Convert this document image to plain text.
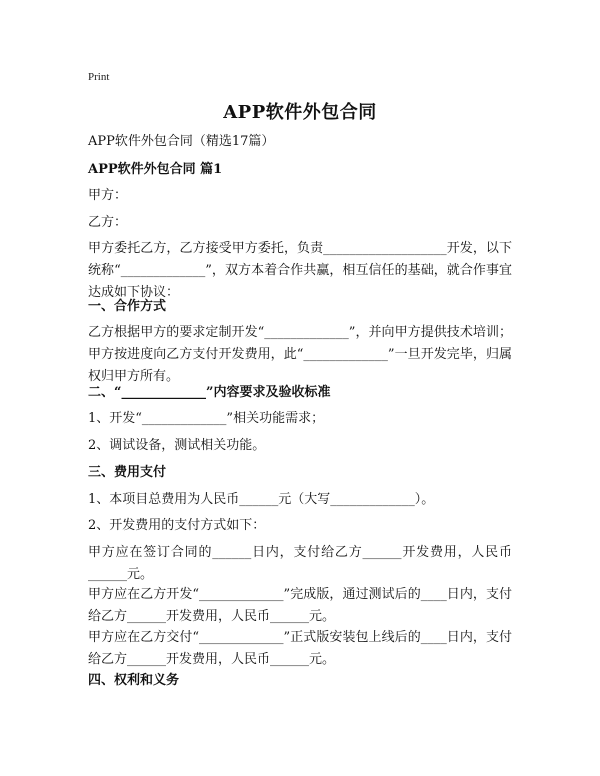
Print
APP软件外包合同
APP软件外包合同（精选17篇）
APP软件外包合同 篇1
甲方：
乙方：
甲方委托乙方，乙方接受甲方委托，负责___________________开发，以下统称“_____________”，双方本着合作共赢，相互信任的基础，就合作事宜达成如下协议：
一、合作方式
乙方根据甲方的要求定制开发“_____________”，并向甲方提供技术培训；甲方按进度向乙方支付开发费用，此“_____________”一旦开发完毕，归属权归甲方所有。
二、“_____________”内容要求及验收标准
1、开发“_____________”相关功能需求；
2、调试设备，测试相关功能。
三、费用支付
1、本项目总费用为人民币______元（大写_____________）。
2、开发费用的支付方式如下：
甲方应在签订合同的______日内，支付给乙方______开发费用，人民币______元。
甲方应在乙方开发“_____________”完成版，通过测试后的____日内，支付给乙方______开发费用，人民币______元。
甲方应在乙方交付“_____________”正式版安装包上线后的____日内，支付给乙方______开发费用，人民币______元。
四、权利和义务
